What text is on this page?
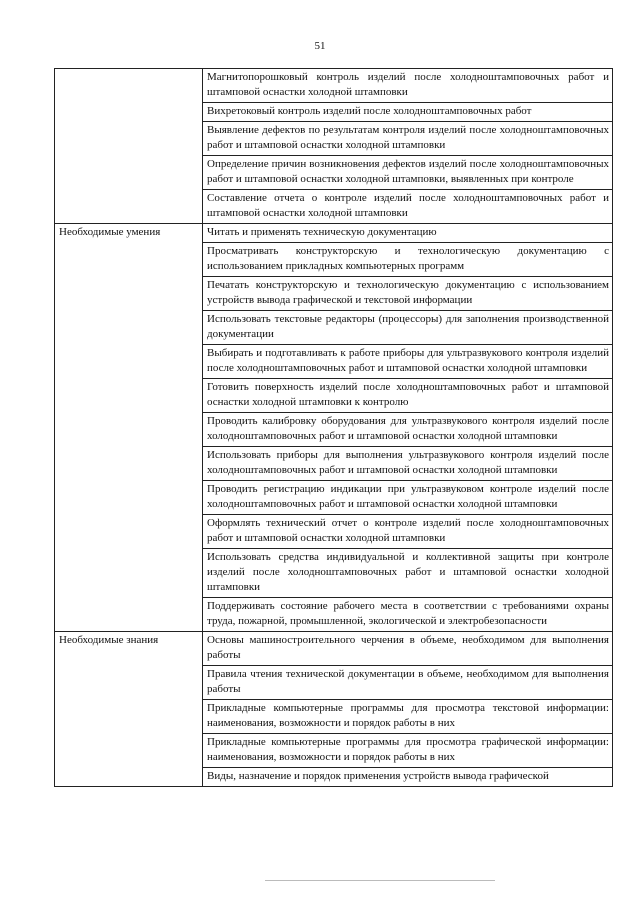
51
	Магнитопорошковый контроль изделий после холодноштамповочных работ и штамповой оснастки холодной штамповки
	Вихретоковый контроль изделий после холодноштамповочных работ
	Выявление дефектов по результатам контроля изделий после холодноштамповочных работ и штамповой оснастки холодной штамповки
	Определение причин возникновения дефектов изделий после холодноштамповочных работ и штамповой оснастки холодной штамповки, выявленных при контроле
	Составление отчета о контроле изделий после холодноштамповочных работ и штамповой оснастки холодной штамповки
Необходимые умения	Читать и применять техническую документацию
	Просматривать конструкторскую и технологическую документацию с использованием прикладных компьютерных программ
	Печатать конструкторскую и технологическую документацию с использованием устройств вывода графической и текстовой информации
	Использовать текстовые редакторы (процессоры) для заполнения производственной документации
	Выбирать и подготавливать к работе приборы для ультразвукового контроля изделий после холодноштамповочных работ и штамповой оснастки холодной штамповки
	Готовить поверхность изделий после холодноштамповочных работ и штамповой оснастки холодной штамповки к контролю
	Проводить калибровку оборудования для ультразвукового контроля изделий после холодноштамповочных работ и штамповой оснастки холодной штамповки
	Использовать приборы для выполнения ультразвукового контроля изделий после холодноштамповочных работ и штамповой оснастки холодной штамповки
	Проводить регистрацию индикации при ультразвуковом контроле изделий после холодноштамповочных работ и штамповой оснастки холодной штамповки
	Оформлять технический отчет о контроле изделий после холодноштамповочных работ и штамповой оснастки холодной штамповки
	Использовать средства индивидуальной и коллективной защиты при контроле изделий после холодноштамповочных работ и штамповой оснастки холодной штамповки
	Поддерживать состояние рабочего места в соответствии с требованиями охраны труда, пожарной, промышленной, экологической и электробезопасности
Необходимые знания	Основы машиностроительного черчения в объеме, необходимом для выполнения работы
	Правила чтения технической документации в объеме, необходимом для выполнения работы
	Прикладные компьютерные программы для просмотра текстовой информации: наименования, возможности и порядок работы в них
	Прикладные компьютерные программы для просмотра графической информации: наименования, возможности и порядок работы в них
	Виды, назначение и порядок применения устройств вывода графической
